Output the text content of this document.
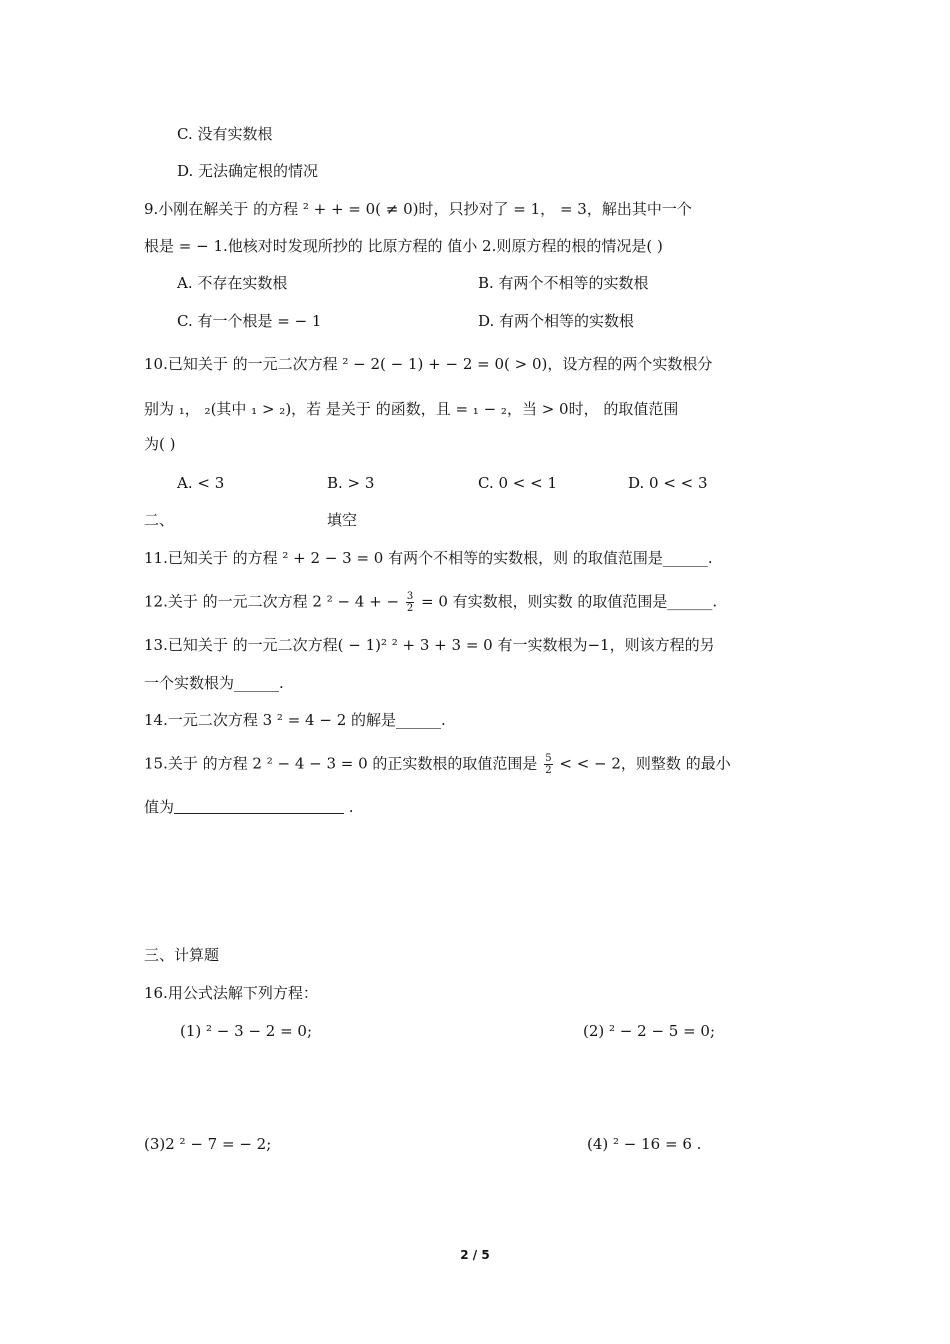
C. 没有实数根
D. 无法确定根的情况
9.小刚在解关于 的方程 ² + + = 0( ≠ 0)时，只抄对了 = 1， = 3，解出其中一个
根是 = − 1.他核对时发现所抄的 比原方程的 值小 2.则原方程的根的情况是( )
A. 不存在实数根	B. 有两个不相等的实数根
C. 有一个根是 = − 1	D. 有两个相等的实数根
10.已知关于 的一元二次方程 ² − 2( − 1) + − 2 = 0( > 0)，设方程的两个实数根分
别为 ₁， ₂(其中 ₁ > ₂)，若 是关于 的函数，且 = ₁ − ₂，当 > 0时， 的取值范围
为( )
A. < 3	B. > 3	C. 0 < < 1	D. 0 < < 3
二、	填空
11.已知关于 的方程 ² + 2 − 3 = 0 有两个不相等的实数根，则 的取值范围是______.
12.关于 的一元二次方程 2 ² − 4 + − $\frac{3}{2} = 0$ 有实数根，则实数 的取值范围是______.
13.已知关于 的一元二次方程( − 1)² ² + 3 + 3 = 0 有一实数根为−1，则该方程的另
一个实数根为______.
14.一元二次方程 3 ² = 4 − 2 的解是______.
15.关于 的方程 2 ² − 4 − 3 = 0 的正实数根的取值范围是 $\frac{5}{2}$ < < − 2，则整数 的最小
值为	.
三、计算题
16.用公式法解下列方程：
(1) ² − 3 − 2 = 0;	(2) ² − 2 − 5 = 0;
(3)2 ² − 7 = − 2;	(4) ² − 16 = 6 .
2 / 5
